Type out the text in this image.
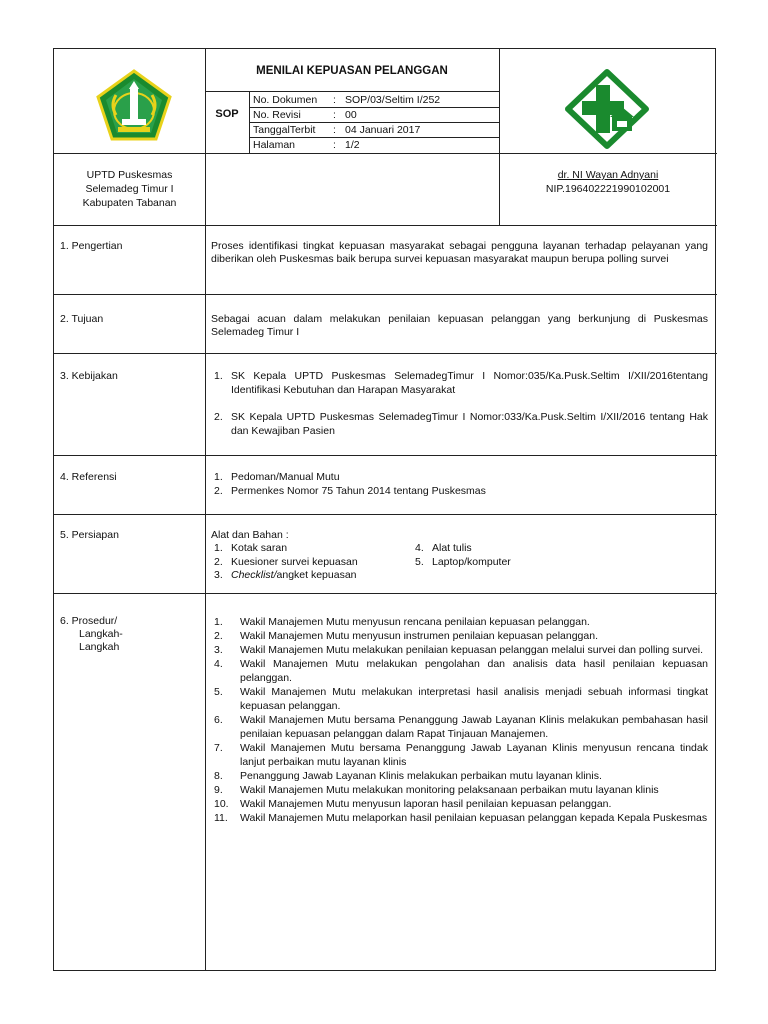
MENILAI KEPUASAN PELANGGAN
SOP
No. Dokumen	: SOP/03/Seltim I/252
No. Revisi	: 00
TanggalTerbit	: 04 Januari 2017
Halaman	: 1/2
UPTD Puskesmas
Selemadeg Timur I
Kabupaten Tabanan
dr. NI Wayan Adnyani
NIP.196402221990102001
1. Pengertian	Proses identifikasi tingkat kepuasan masyarakat sebagai pengguna layanan terhadap pelayanan yang diberikan oleh Puskesmas baik berupa survei kepuasan masyarakat maupun berupa polling survei
2. Tujuan	Sebagai acuan dalam melakukan penilaian kepuasan pelanggan yang berkunjung di Puskesmas Selemadeg Timur I
3. Kebijakan	1. SK Kepala UPTD Puskesmas SelemadegTimur I Nomor:035/Ka.Pusk.Seltim I/XII/2016tentang Identifikasi Kebutuhan dan Harapan Masyarakat
2. SK Kepala UPTD Puskesmas SelemadegTimur I Nomor:033/Ka.Pusk.Seltim I/XII/2016 tentang Hak dan Kewajiban Pasien
4. Referensi	1. Pedoman/Manual Mutu
2. Permenkes Nomor 75 Tahun 2014 tentang Puskesmas
5. Persiapan	Alat dan Bahan :
1. Kotak saran
2. Kuesioner survei kepuasan
3. Checklist/ angket kepuasan
4. Alat tulis
5. Laptop/komputer
6. Prosedur/
Langkah-
Langkah
1.	Wakil Manajemen Mutu menyusun rencana penilaian kepuasan pelanggan.
2.	Wakil Manajemen Mutu menyusun instrumen penilaian kepuasan pelanggan.
3.	Wakil Manajemen Mutu melakukan penilaian kepuasan pelanggan melalui survei dan polling survei.
4.	Wakil Manajemen Mutu melakukan pengolahan dan analisis data hasil penilaian kepuasan pelanggan.
5.	Wakil Manajemen Mutu melakukan interpretasi hasil analisis menjadi sebuah informasi tingkat kepuasan pelanggan.
6.	Wakil Manajemen Mutu bersama Penanggung Jawab Layanan Klinis melakukan pembahasan hasil penilaian kepuasan pelanggan dalam Rapat Tinjauan Manajemen.
7.	Wakil Manajemen Mutu bersama Penanggung Jawab Layanan Klinis menyusun rencana tindak lanjut perbaikan mutu layanan klinis
8.	Penanggung Jawab Layanan Klinis melakukan perbaikan mutu layanan klinis.
9.	Wakil Manajemen Mutu melakukan monitoring pelaksanaan perbaikan mutu layanan klinis
10.	Wakil Manajemen Mutu menyusun laporan hasil penilaian kepuasan pelanggan.
11.	Wakil Manajemen Mutu melaporkan hasil penilaian kepuasan pelanggan kepada Kepala Puskesmas
